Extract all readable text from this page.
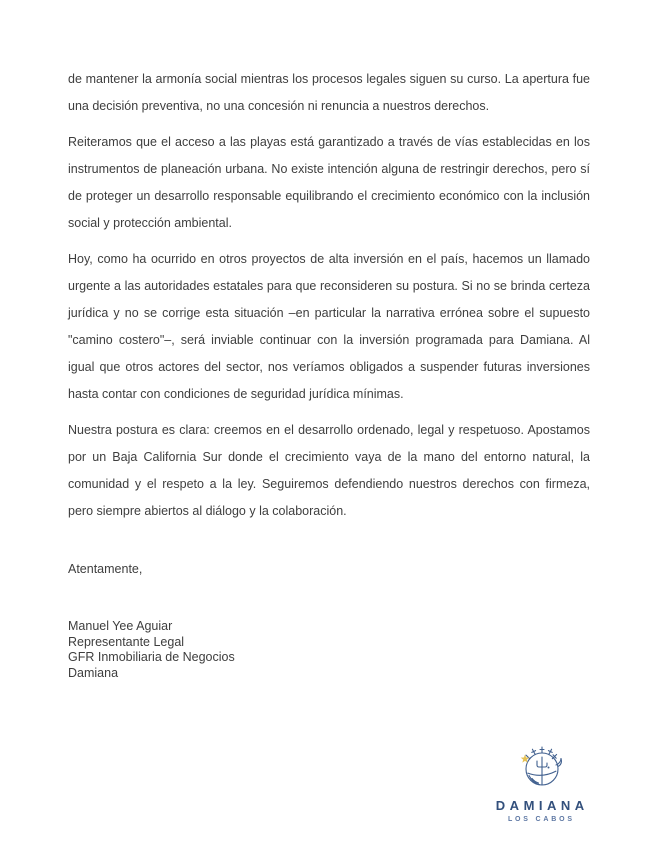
de mantener la armonía social mientras los procesos legales siguen su curso. La apertura fue una decisión preventiva, no una concesión ni renuncia a nuestros derechos.

Reiteramos que el acceso a las playas está garantizado a través de vías establecidas en los instrumentos de planeación urbana. No existe intención alguna de restringir derechos, pero sí de proteger un desarrollo responsable equilibrando el crecimiento económico con la inclusión social y protección ambiental.

Hoy, como ha ocurrido en otros proyectos de alta inversión en el país, hacemos un llamado urgente a las autoridades estatales para que reconsideren su postura. Si no se brinda certeza jurídica y no se corrige esta situación –en particular la narrativa errónea sobre el supuesto "camino costero"–, será inviable continuar con la inversión programada para Damiana. Al igual que otros actores del sector, nos veríamos obligados a suspender futuras inversiones hasta contar con condiciones de seguridad jurídica mínimas.

Nuestra postura es clara: creemos en el desarrollo ordenado, legal y respetuoso. Apostamos por un Baja California Sur donde el crecimiento vaya de la mano del entorno natural, la comunidad y el respeto a la ley. Seguiremos defendiendo nuestros derechos con firmeza, pero siempre abiertos al diálogo y la colaboración.

Atentamente,

Manuel Yee Aguiar
Representante Legal
GFR Inmobiliaria de Negocios
Damiana
DAMIANA
LOS CABOS
